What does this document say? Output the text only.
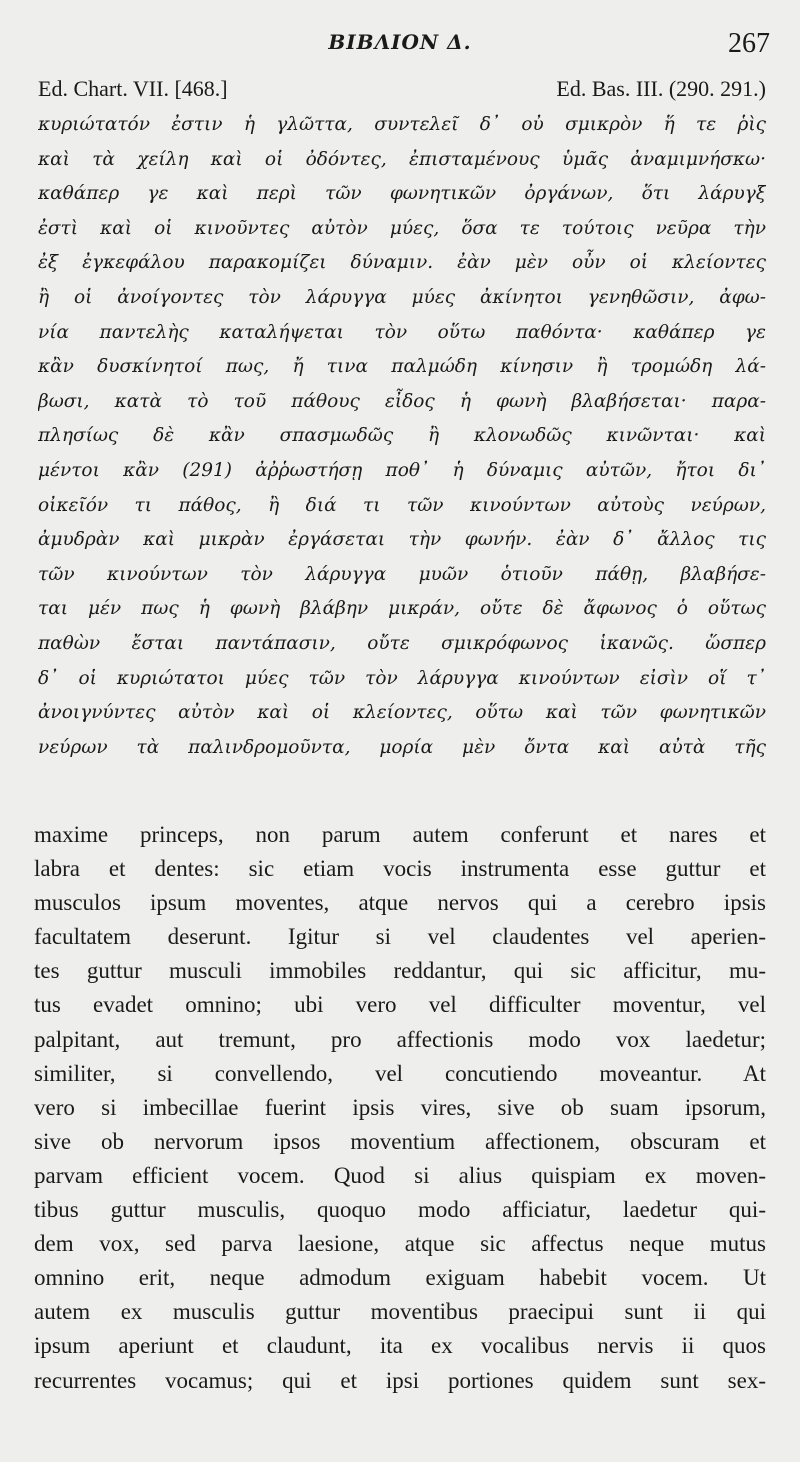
ΒΙΒΛΙΟΝ Δ.	267
Ed. Chart. VII. [468.]	Ed. Bas. III. (290. 291.)
κυριώτατόν ἐστιν ἡ γλῶττα, συντελεῖ δ᾽ οὐ σμικρὸν ἥ τε ῥὶς
καὶ τὰ χείλη καὶ οἱ ὀδόντες, ἐπισταμένους ὑμᾶς ἀναμιμνήσκω·
καθάπερ γε καὶ περὶ τῶν φωνητικῶν ὀργάνων, ὅτι λάρυγξ
ἐστὶ καὶ οἱ κινοῦντες αὐτὸν μύες, ὅσα τε τούτοις νεῦρα τὴν
ἐξ ἐγκεφάλου παρακομίζει δύναμιν. ἐὰν μὲν οὖν οἱ κλείοντες
ἢ οἱ ἀνοίγοντες τὸν λάρυγγα μύες ἀκίνητοι γενηθῶσιν, ἀφω-
νία παντελὴς καταλήψεται τὸν οὕτω παθόντα· καθάπερ γε
κἂν δυσκίνητοί πως, ἤ τινα παλμώδη κίνησιν ἢ τρομώδη λά-
βωσι, κατὰ τὸ τοῦ πάθους εἶδος ἡ φωνὴ βλαβήσεται· παρα-
πλησίως δὲ κἂν σπασμωδῶς ἢ κλονωδῶς κινῶνται· καὶ
μέντοι κἂν (291) ἀῤῥωστήσῃ ποθ᾽ ἡ δύναμις αὐτῶν, ἤτοι δι᾽
οἰκεῖόν τι πάθος, ἢ διά τι τῶν κινούντων αὐτοὺς νεύρων,
ἀμυδρὰν καὶ μικρὰν ἐργάσεται τὴν φωνήν. ἐὰν δ᾽ ἄλλος τις
τῶν κινούντων τὸν λάρυγγα μυῶν ὁτιοῦν πάθῃ, βλαβήσε-
ται μέν πως ἡ φωνὴ βλάβην μικράν, οὔτε δὲ ἄφωνος ὁ οὕτως
παθὼν ἔσται παντάπασιν, οὔτε σμικρόφωνος ἱκανῶς. ὥσπερ
δ᾽ οἱ κυριώτατοι μύες τῶν τὸν λάρυγγα κινούντων εἰσὶν οἵ τ᾽
ἀνοιγνύντες αὐτὸν καὶ οἱ κλείοντες, οὕτω καὶ τῶν φωνητικῶν
νεύρων τὰ παλινδρομοῦντα, μορία μὲν ὄντα καὶ αὐτὰ τῆς
maxime princeps, non parum autem conferunt et nares et
labra et dentes: sic etiam vocis instrumenta esse guttur et
musculos ipsum moventes, atque nervos qui a cerebro ipsis
facultatem deserunt. Igitur si vel claudentes vel aperien-
tes guttur musculi immobiles reddantur, qui sic afficitur, mu-
tus evadet omnino; ubi vero vel difficulter moventur, vel
palpitant, aut tremunt, pro affectionis modo vox laedetur;
similiter, si convellendo, vel concutiendo moveantur. At
vero si imbecillae fuerint ipsis vires, sive ob suam ipsorum,
sive ob nervorum ipsos moventium affectionem, obscuram et
parvam efficient vocem. Quod si alius quispiam ex moven-
tibus guttur musculis, quoquo modo afficiatur, laedetur qui-
dem vox, sed parva laesione, atque sic affectus neque mutus
omnino erit, neque admodum exiguam habebit vocem. Ut
autem ex musculis guttur moventibus praecipui sunt ii qui
ipsum aperiunt et claudunt, ita ex vocalibus nervis ii quos
recurrentes vocamus; qui et ipsi portiones quidem sunt sex-
